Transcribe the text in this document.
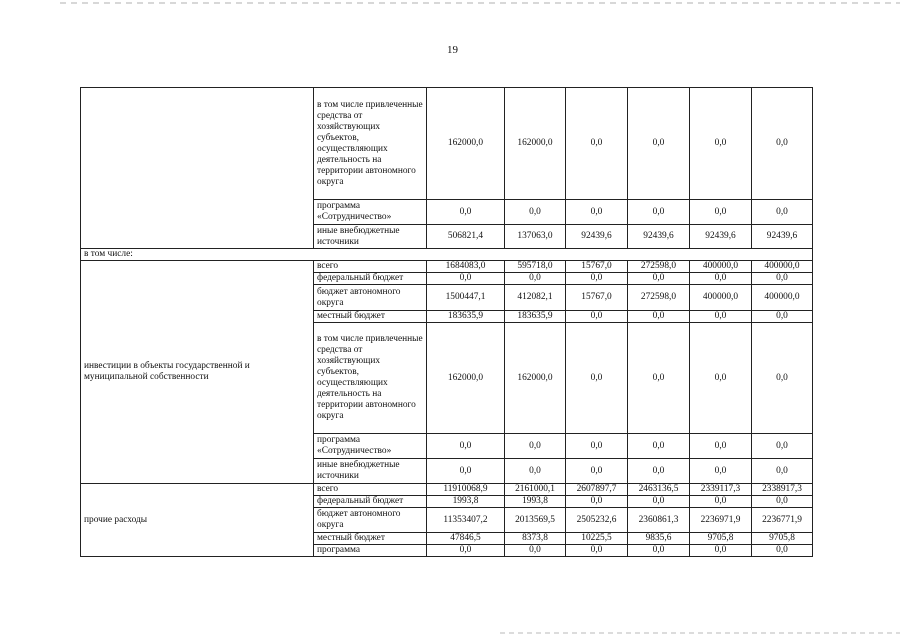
19
	в том числе привлеченные средства от хозяйствующих субъектов, осуществляющих деятельность на территории автономного округа	162000,0	162000,0	0,0	0,0	0,0	0,0
	программа «Сотрудничество»	0,0	0,0	0,0	0,0	0,0	0,0
	иные внебюджетные источники	506821,4	137063,0	92439,6	92439,6	92439,6	92439,6
в том числе:							
инвестиции в объекты государственной и муниципальной собственности	всего	1684083,0	595718,0	15767,0	272598,0	400000,0	400000,0
	федеральный бюджет	0,0	0,0	0,0	0,0	0,0	0,0
	бюджет автономного округа	1500447,1	412082,1	15767,0	272598,0	400000,0	400000,0
	местный бюджет	183635,9	183635,9	0,0	0,0	0,0	0,0
	в том числе привлеченные средства от хозяйствующих субъектов, осуществляющих деятельность на территории автономного округа	162000,0	162000,0	0,0	0,0	0,0	0,0
	программа «Сотрудничество»	0,0	0,0	0,0	0,0	0,0	0,0
	иные внебюджетные источники	0,0	0,0	0,0	0,0	0,0	0,0
прочие расходы	всего	11910068,9	2161000,1	2607897,7	2463136,5	2339117,3	2338917,3
	федеральный бюджет	1993,8	1993,8	0,0	0,0	0,0	0,0
	бюджет автономного округа	11353407,2	2013569,5	2505232,6	2360861,3	2236971,9	2236771,9
	местный бюджет	47846,5	8373,8	10225,5	9835,6	9705,8	9705,8
	программа	0,0	0,0	0,0	0,0	0,0	0,0
